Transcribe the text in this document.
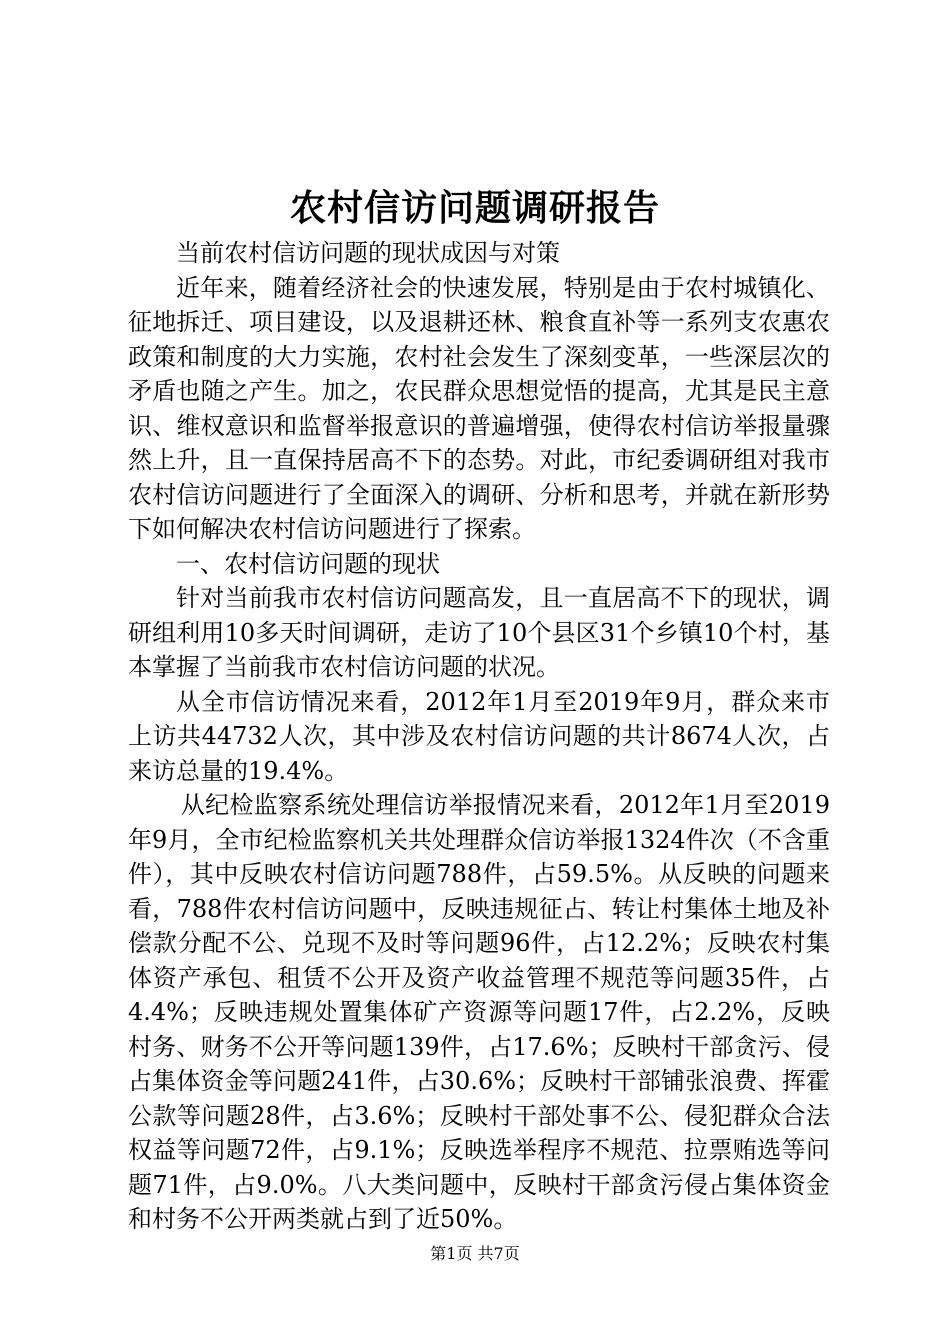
农村信访问题调研报告

当前农村信访问题的现状成因与对策

近年来，随着经济社会的快速发展，特别是由于农村城镇化、征地拆迁、项目建设，以及退耕还林、粮食直补等一系列支农惠农政策和制度的大力实施，农村社会发生了深刻变革，一些深层次的矛盾也随之产生。加之，农民群众思想觉悟的提高，尤其是民主意识、维权意识和监督举报意识的普遍增强，使得农村信访举报量骤然上升，且一直保持居高不下的态势。对此，市纪委调研组对我市农村信访问题进行了全面深入的调研、分析和思考，并就在新形势下如何解决农村信访问题进行了探索。

一、农村信访问题的现状

针对当前我市农村信访问题高发，且一直居高不下的现状，调研组利用10多天时间调研，走访了10个县区31个乡镇10个村，基本掌握了当前我市农村信访问题的状况。

从全市信访情况来看，2012年1月至2019年9月，群众来市上访共44732人次，其中涉及农村信访问题的共计8674人次，占来访总量的19.4%。

从纪检监察系统处理信访举报情况来看，2012年1月至2019年9月，全市纪检监察机关共处理群众信访举报1324件次（不含重件），其中反映农村信访问题788件，占59.5%。从反映的问题来看，788件农村信访问题中，反映违规征占、转让村集体土地及补偿款分配不公、兑现不及时等问题96件，占12.2%；反映农村集体资产承包、租赁不公开及资产收益管理不规范等问题35件，占4.4%；反映违规处置集体矿产资源等问题17件，占2.2%，反映村务、财务不公开等问题139件，占17.6%；反映村干部贪污、侵占集体资金等问题241件，占30.6%；反映村干部铺张浪费、挥霍公款等问题28件，占3.6%；反映村干部处事不公、侵犯群众合法权益等问题72件，占9.1%；反映选举程序不规范、拉票贿选等问题71件，占9.0%。八大类问题中，反映村干部贪污侵占集体资金和村务不公开两类就占到了近50%。

第1页 共7页
